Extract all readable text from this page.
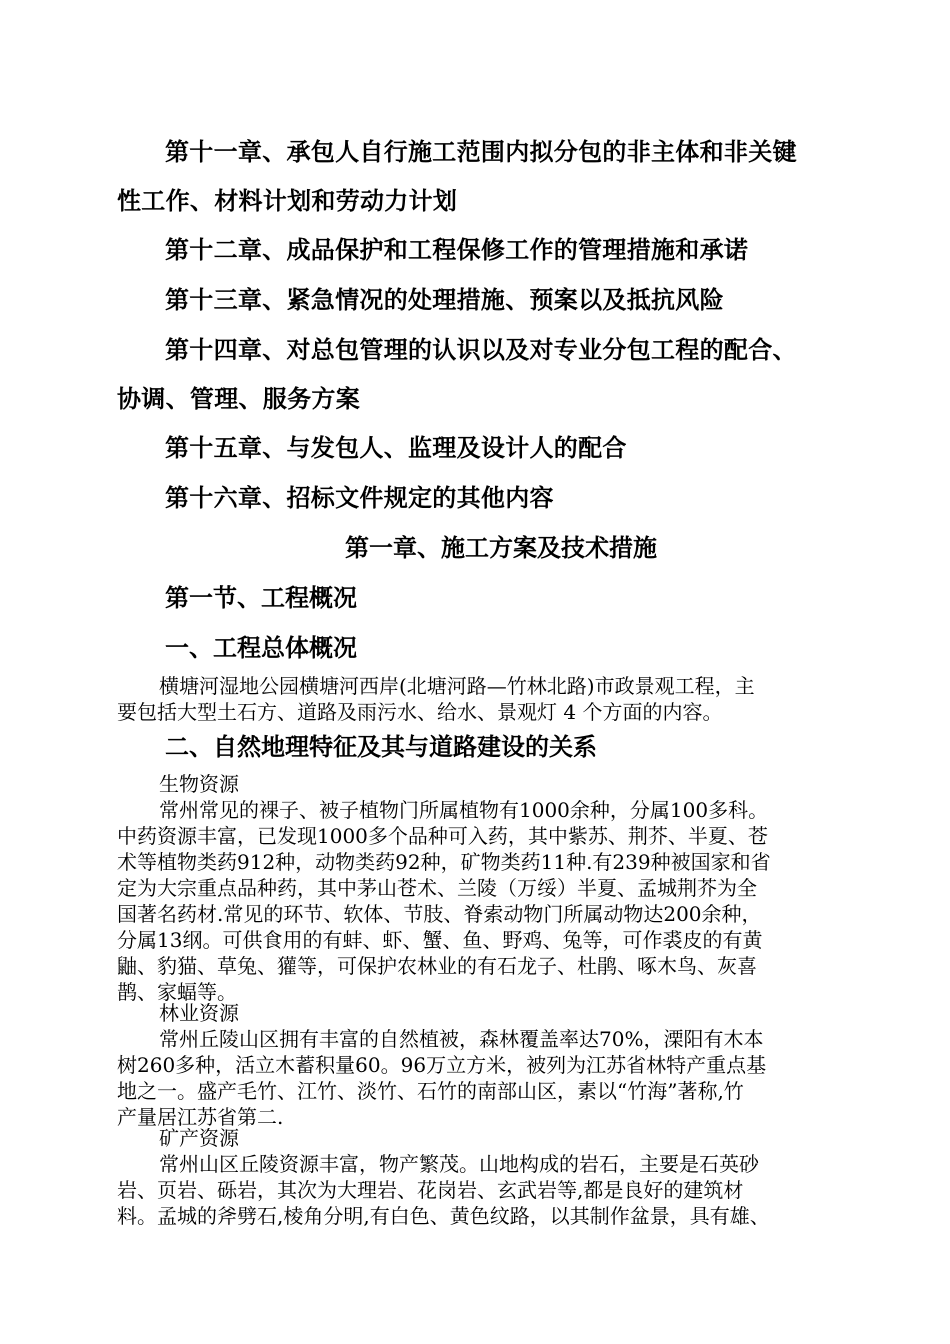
第十一章、承包人自行施工范围内拟分包的非主体和非关键
性工作、材料计划和劳动力计划
第十二章、成品保护和工程保修工作的管理措施和承诺
第十三章、紧急情况的处理措施、预案以及抵抗风险
第十四章、对总包管理的认识以及对专业分包工程的配合、
协调、管理、服务方案
第十五章、与发包人、监理及设计人的配合
第十六章、招标文件规定的其他内容
第一章、施工方案及技术措施
第一节、工程概况
一、工程总体概况
横塘河湿地公园横塘河西岸(北塘河路—竹林北路)市政景观工程，主
要包括大型土石方、道路及雨污水、给水、景观灯 4 个方面的内容。
二、自然地理特征及其与道路建设的关系
生物资源
常州常见的裸子、被子植物门所属植物有1000余种，分属100多科。
中药资源丰富，已发现1000多个品种可入药，其中紫苏、荆芥、半夏、苍
术等植物类药912种，动物类药92种，矿物类药11种.有239种被国家和省
定为大宗重点品种药，其中茅山苍术、兰陵（万绥）半夏、孟城荆芥为全
国著名药材.常见的环节、软体、节肢、脊索动物门所属动物达200余种，
分属13纲。可供食用的有蚌、虾、蟹、鱼、野鸡、兔等，可作裘皮的有黄
鼬、豹猫、草兔、獾等，可保护农林业的有石龙子、杜鹃、啄木鸟、灰喜
鹊、家蝠等。
林业资源
常州丘陵山区拥有丰富的自然植被，森林覆盖率达70%，溧阳有木本
树260多种，活立木蓄积量60。96万立方米，被列为江苏省林特产重点基
地之一。盛产毛竹、江竹、淡竹、石竹的南部山区，素以“竹海”著称,竹
产量居江苏省第二.
矿产资源
常州山区丘陵资源丰富，物产繁茂。山地构成的岩石，主要是石英砂
岩、页岩、砾岩，其次为大理岩、花岗岩、玄武岩等,都是良好的建筑材
料。孟城的斧劈石,棱角分明,有白色、黄色纹路，以其制作盆景，具有雄、
